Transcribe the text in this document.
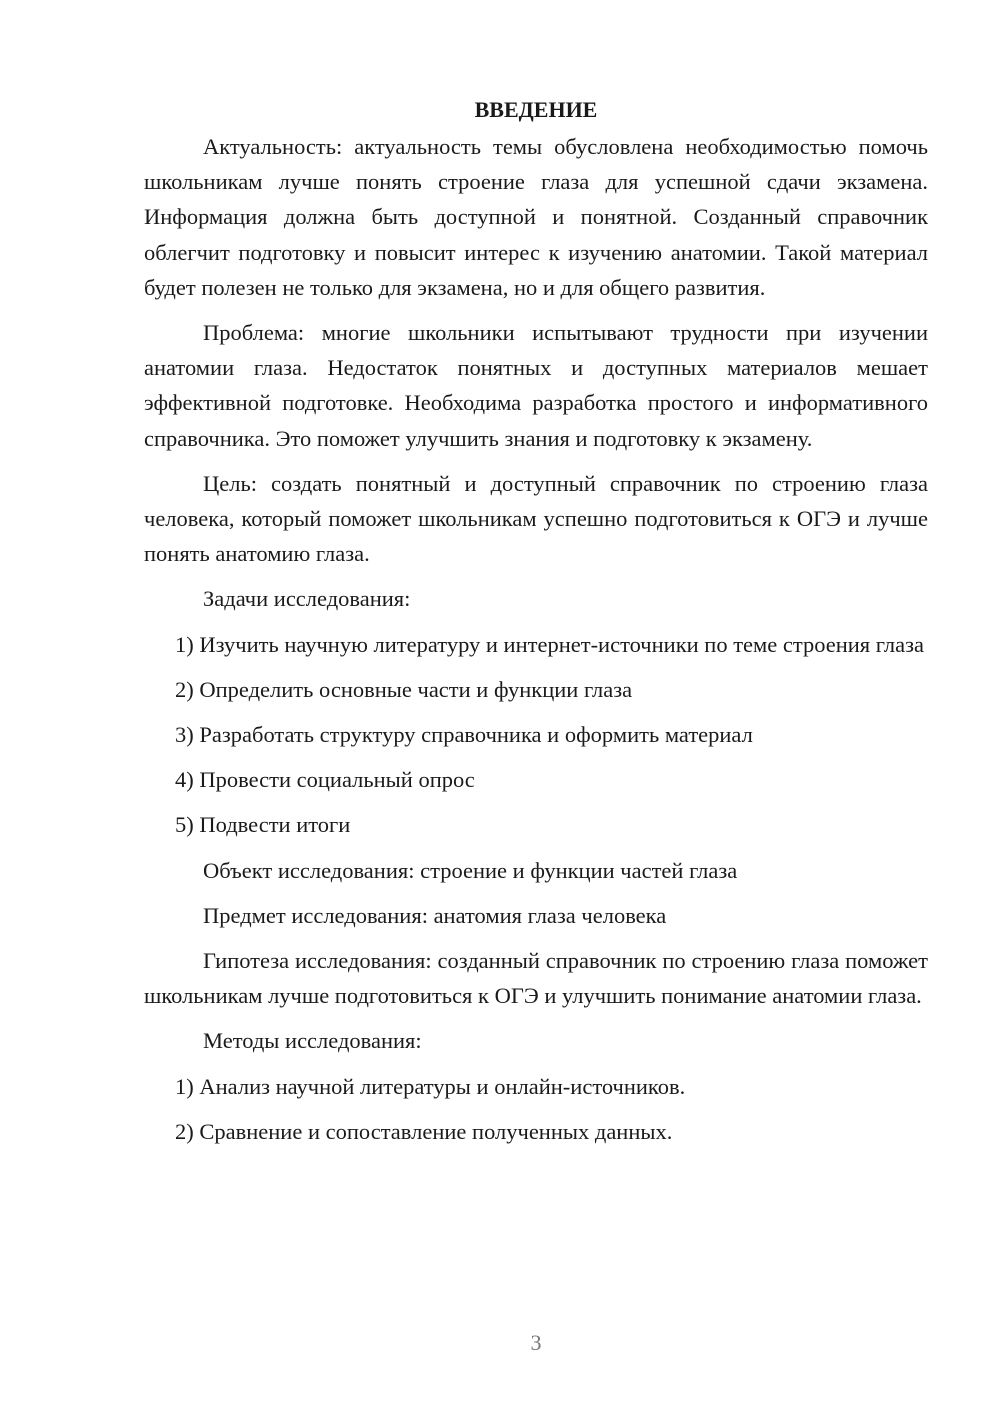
ВВЕДЕНИЕ

Актуальность: актуальность темы обусловлена необходимостью помочь школьникам лучше понять строение глаза для успешной сдачи экзамена. Информация должна быть доступной и понятной. Созданный справочник облегчит подготовку и повысит интерес к изучению анатомии. Такой материал будет полезен не только для экзамена, но и для общего развития.

Проблема: многие школьники испытывают трудности при изучении анатомии глаза. Недостаток понятных и доступных материалов мешает эффективной подготовке. Необходима разработка простого и информативного справочника. Это поможет улучшить знания и подготовку к экзамену.

Цель: создать понятный и доступный справочник по строению глаза человека, который поможет школьникам успешно подготовиться к ОГЭ и лучше понять анатомию глаза.

Задачи исследования:

1) Изучить научную литературу и интернет-источники по теме строения глаза

2) Определить основные части и функции глаза

3) Разработать структуру справочника и оформить материал

4) Провести социальный опрос

5) Подвести итоги

Объект исследования: строение и функции частей глаза

Предмет исследования: анатомия глаза человека

Гипотеза исследования: созданный справочник по строению глаза поможет школьникам лучше подготовиться к ОГЭ и улучшить понимание анатомии глаза.

Методы исследования:

1) Анализ научной литературы и онлайн-источников.

2) Сравнение и сопоставление полученных данных.

3
